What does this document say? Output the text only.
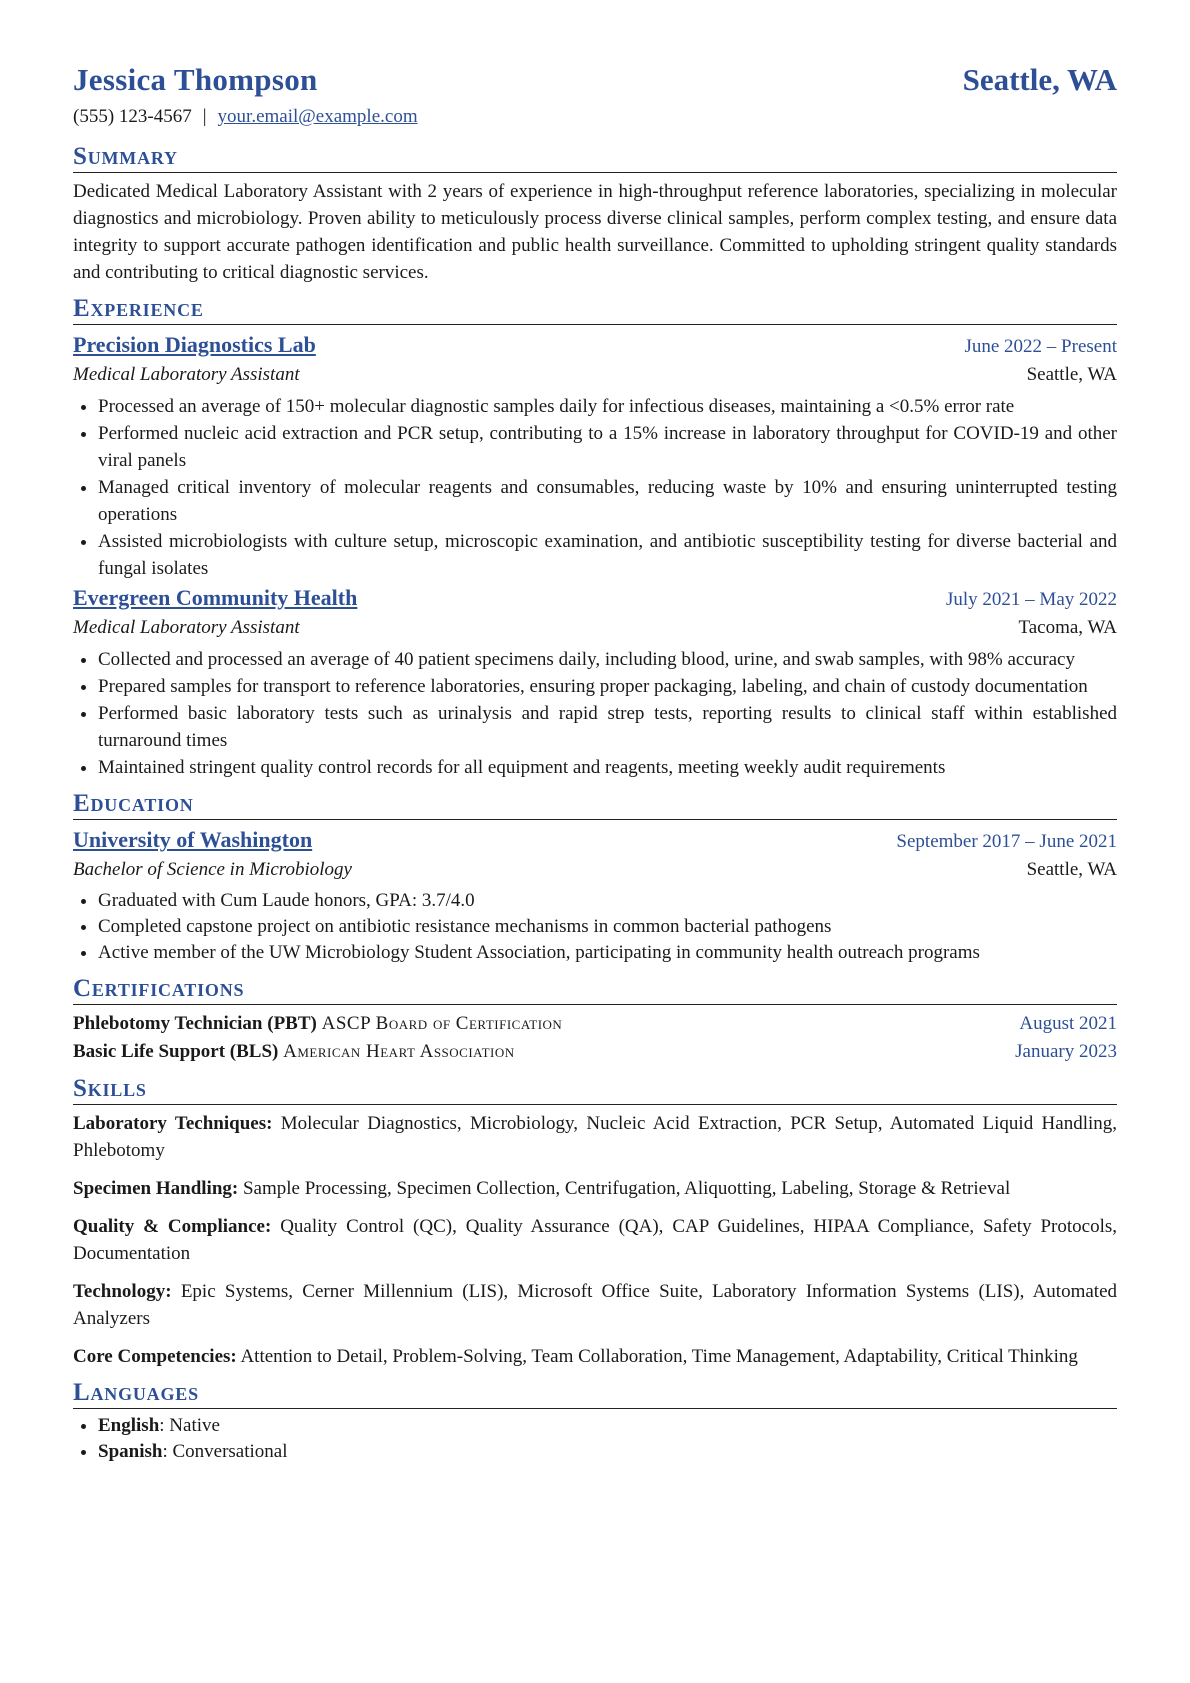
Jessica Thompson	Seattle, WA
(555) 123-4567 | your.email@example.com
Summary
Dedicated Medical Laboratory Assistant with 2 years of experience in high-throughput reference laboratories, specializing in molecular diagnostics and microbiology. Proven ability to meticulously process diverse clinical samples, perform complex testing, and ensure data integrity to support accurate pathogen identification and public health surveillance. Committed to upholding stringent quality standards and contributing to critical diagnostic services.
Experience
Precision Diagnostics Lab	June 2022 – Present
Medical Laboratory Assistant	Seattle, WA
• Processed an average of 150+ molecular diagnostic samples daily for infectious diseases, maintaining a <0.5% error rate
• Performed nucleic acid extraction and PCR setup, contributing to a 15% increase in laboratory throughput for COVID-19 and other viral panels
• Managed critical inventory of molecular reagents and consumables, reducing waste by 10% and ensuring uninterrupted testing operations
• Assisted microbiologists with culture setup, microscopic examination, and antibiotic susceptibility testing for diverse bacterial and fungal isolates
Evergreen Community Health	July 2021 – May 2022
Medical Laboratory Assistant	Tacoma, WA
• Collected and processed an average of 40 patient specimens daily, including blood, urine, and swab samples, with 98% accuracy
• Prepared samples for transport to reference laboratories, ensuring proper packaging, labeling, and chain of custody documentation
• Performed basic laboratory tests such as urinalysis and rapid strep tests, reporting results to clinical staff within established turnaround times
• Maintained stringent quality control records for all equipment and reagents, meeting weekly audit requirements
Education
University of Washington	September 2017 – June 2021
Bachelor of Science in Microbiology	Seattle, WA
• Graduated with Cum Laude honors, GPA: 3.7/4.0
• Completed capstone project on antibiotic resistance mechanisms in common bacterial pathogens
• Active member of the UW Microbiology Student Association, participating in community health outreach programs
Certifications
Phlebotomy Technician (PBT) ASCP Board of Certification	August 2021
Basic Life Support (BLS) American Heart Association	January 2023
Skills
Laboratory Techniques: Molecular Diagnostics, Microbiology, Nucleic Acid Extraction, PCR Setup, Automated Liquid Handling, Phlebotomy
Specimen Handling: Sample Processing, Specimen Collection, Centrifugation, Aliquotting, Labeling, Storage & Retrieval
Quality & Compliance: Quality Control (QC), Quality Assurance (QA), CAP Guidelines, HIPAA Compliance, Safety Protocols, Documentation
Technology: Epic Systems, Cerner Millennium (LIS), Microsoft Office Suite, Laboratory Information Systems (LIS), Automated Analyzers
Core Competencies: Attention to Detail, Problem-Solving, Team Collaboration, Time Management, Adaptability, Critical Thinking
Languages
• English: Native
• Spanish: Conversational
